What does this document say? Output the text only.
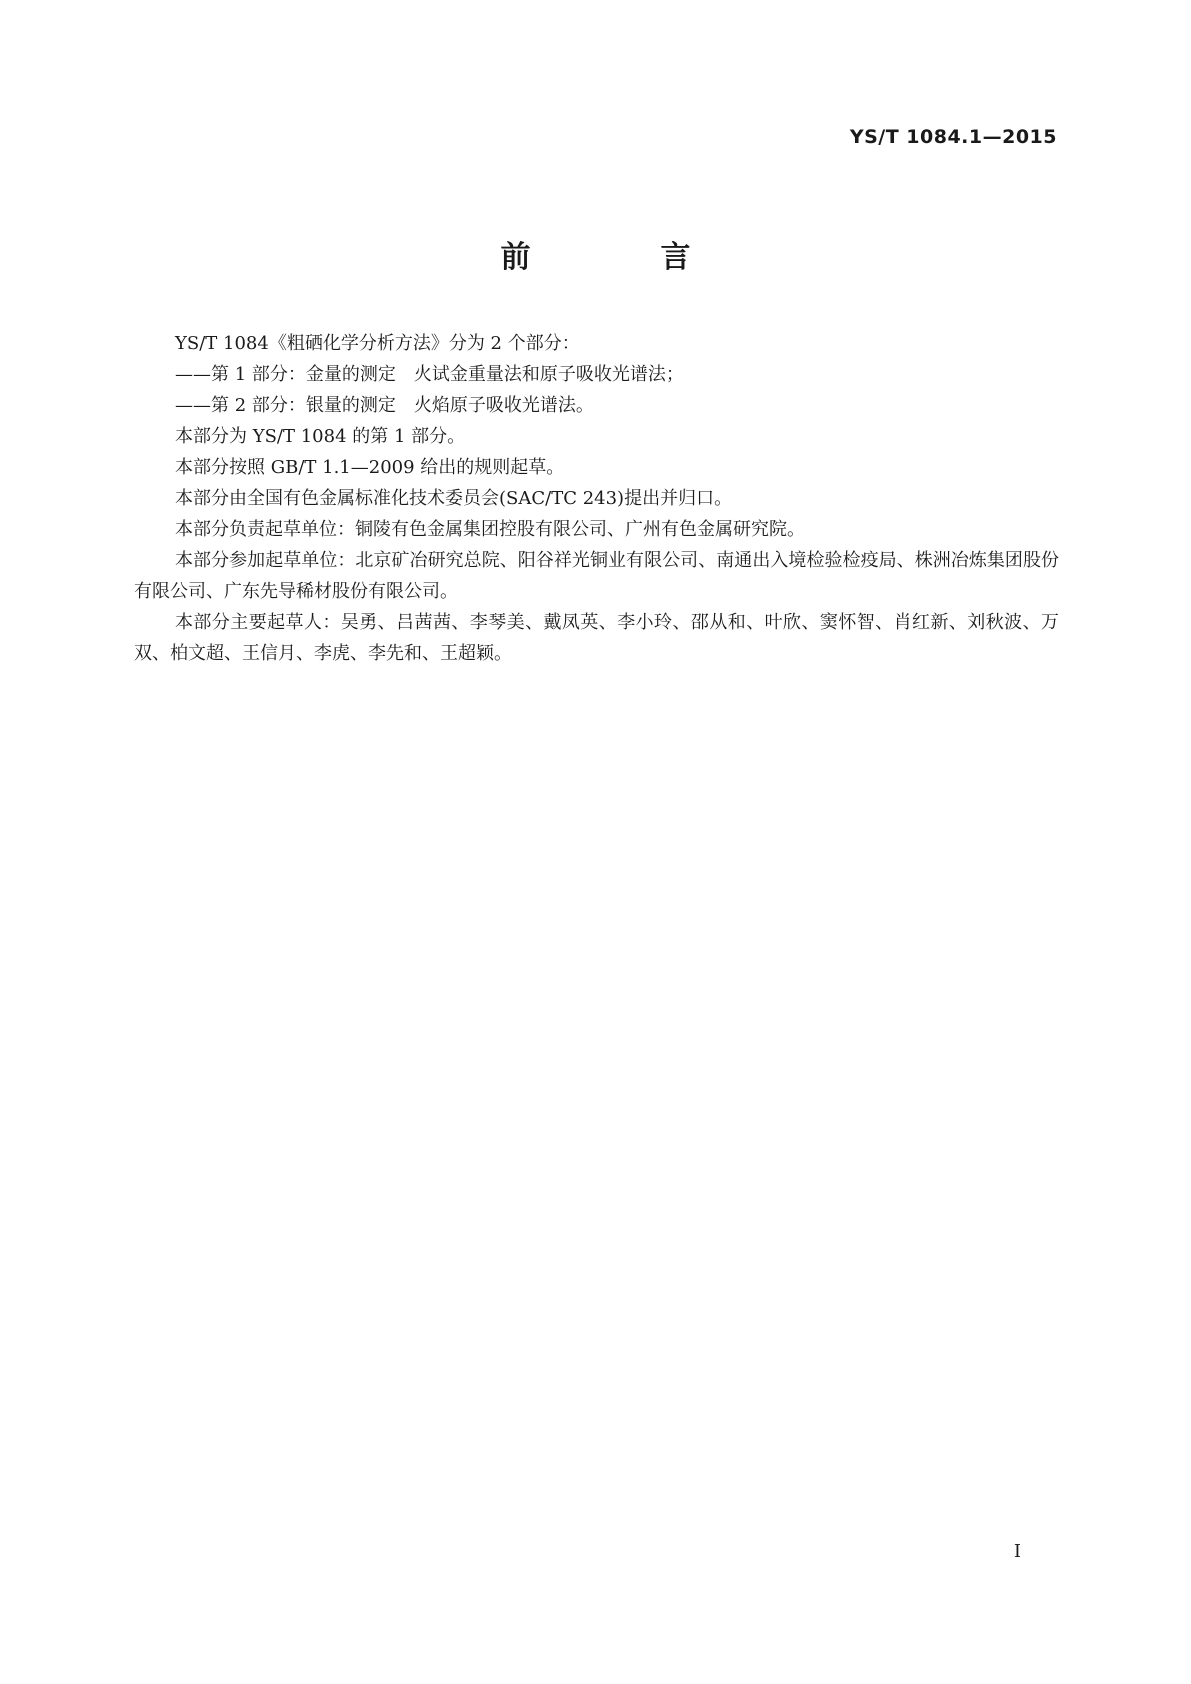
YS/T 1084.1—2015
前　言

YS/T 1084《粗硒化学分析方法》分为 2 个部分：

——第 1 部分：金量的测定　火试金重量法和原子吸收光谱法；

——第 2 部分：银量的测定　火焰原子吸收光谱法。

本部分为 YS/T 1084 的第 1 部分。

本部分按照 GB/T 1.1—2009 给出的规则起草。

本部分由全国有色金属标准化技术委员会(SAC/TC 243)提出并归口。

本部分负责起草单位：铜陵有色金属集团控股有限公司、广州有色金属研究院。

本部分参加起草单位：北京矿冶研究总院、阳谷祥光铜业有限公司、南通出入境检验检疫局、株洲冶炼集团股份有限公司、广东先导稀材股份有限公司。

本部分主要起草人：吴勇、吕茜茜、李琴美、戴凤英、李小玲、邵从和、叶欣、窦怀智、肖红新、刘秋波、万双、柏文超、王信月、李虎、李先和、王超颖。

I
